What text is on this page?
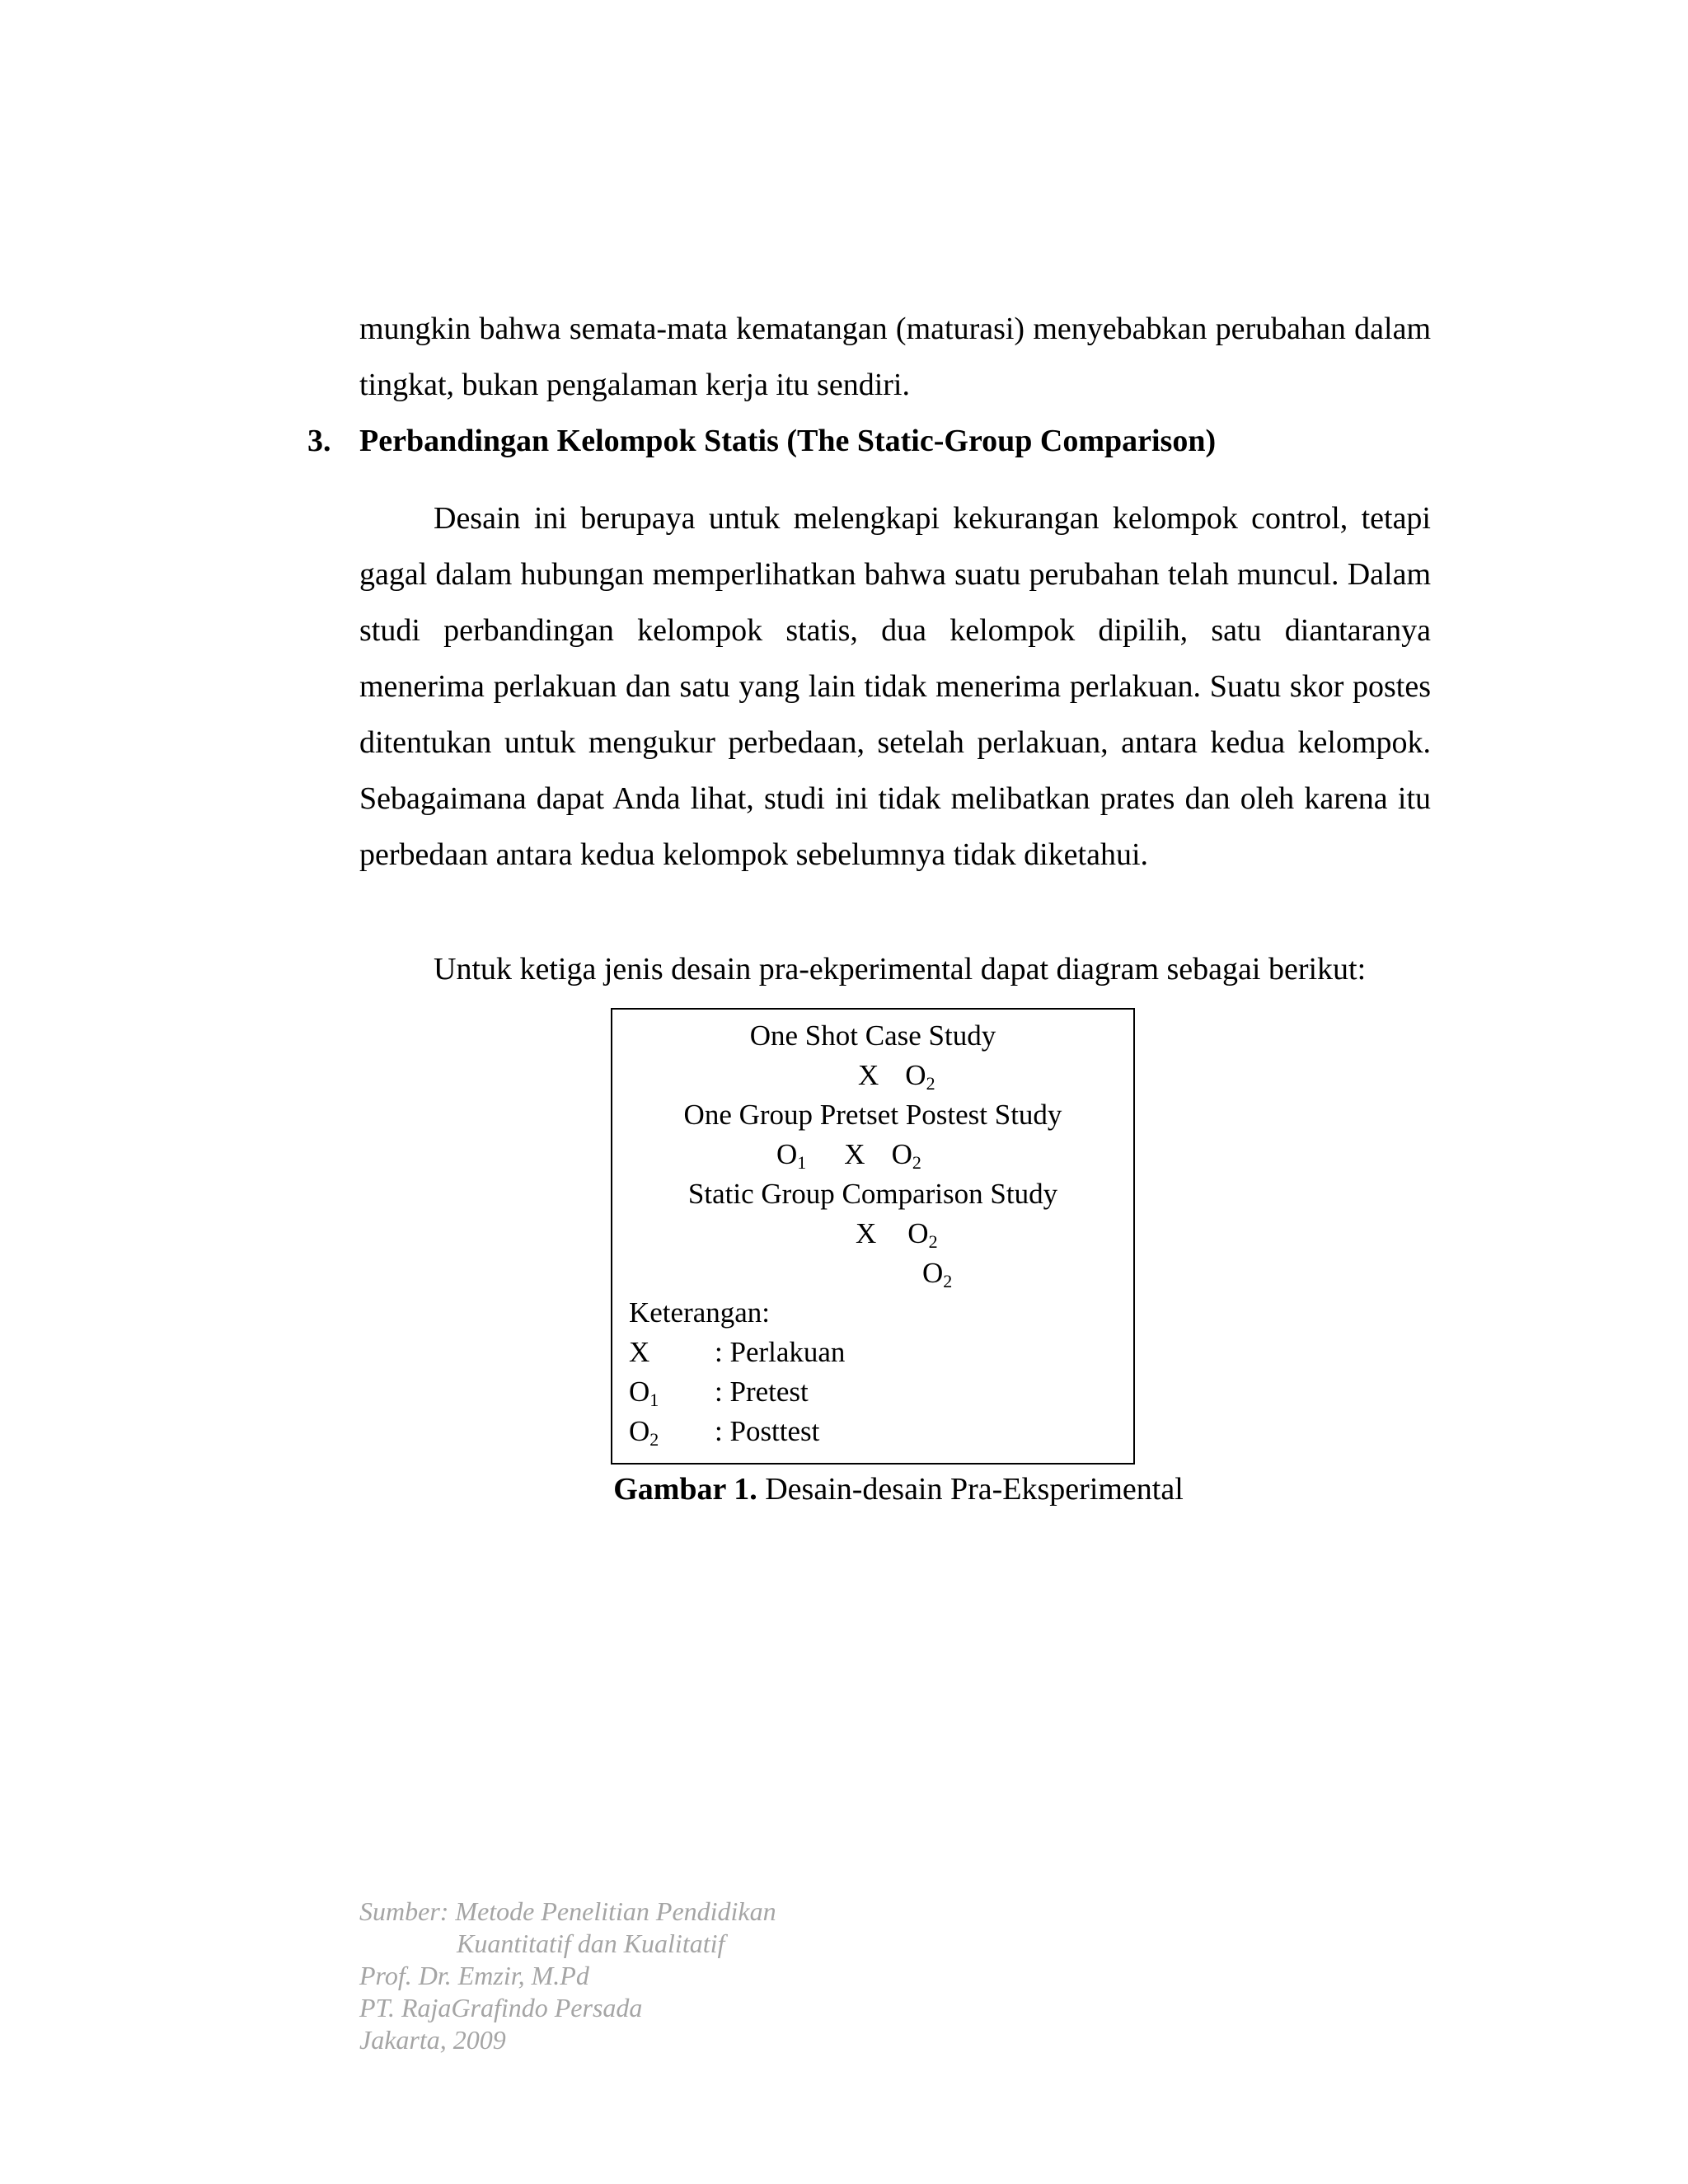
mungkin bahwa semata-mata kematangan (maturasi) menyebabkan perubahan dalam tingkat, bukan pengalaman kerja itu sendiri.

3. Perbandingan Kelompok Statis (The Static-Group Comparison)

Desain ini berupaya untuk melengkapi kekurangan kelompok control, tetapi gagal dalam hubungan memperlihatkan bahwa suatu perubahan telah muncul. Dalam studi perbandingan kelompok statis, dua kelompok dipilih, satu diantaranya menerima perlakuan dan satu yang lain tidak menerima perlakuan. Suatu skor postes ditentukan untuk mengukur perbedaan, setelah perlakuan, antara kedua kelompok. Sebagaimana dapat Anda lihat, studi ini tidak melibatkan prates dan oleh karena itu perbedaan antara kedua kelompok sebelumnya tidak diketahui.

Untuk ketiga jenis desain pra-ekperimental dapat diagram sebagai berikut:

One Shot Case Study
X $O_2$
One Group Pretset Postest Study
$O_1$ X $O_2$
Static Group Comparison Study
X $O_2$
$O_2$
Keterangan:
X : Perlakuan
$O_1$ : Pretest
$O_2$ : Posttest
Gambar 1. Desain-desain Pra-Eksperimental
Sumber: Metode Penelitian Pendidikan
Kuantitatif dan Kualitatif
Prof. Dr. Emzir, M.Pd
PT. RajaGrafindo Persada
Jakarta, 2009
